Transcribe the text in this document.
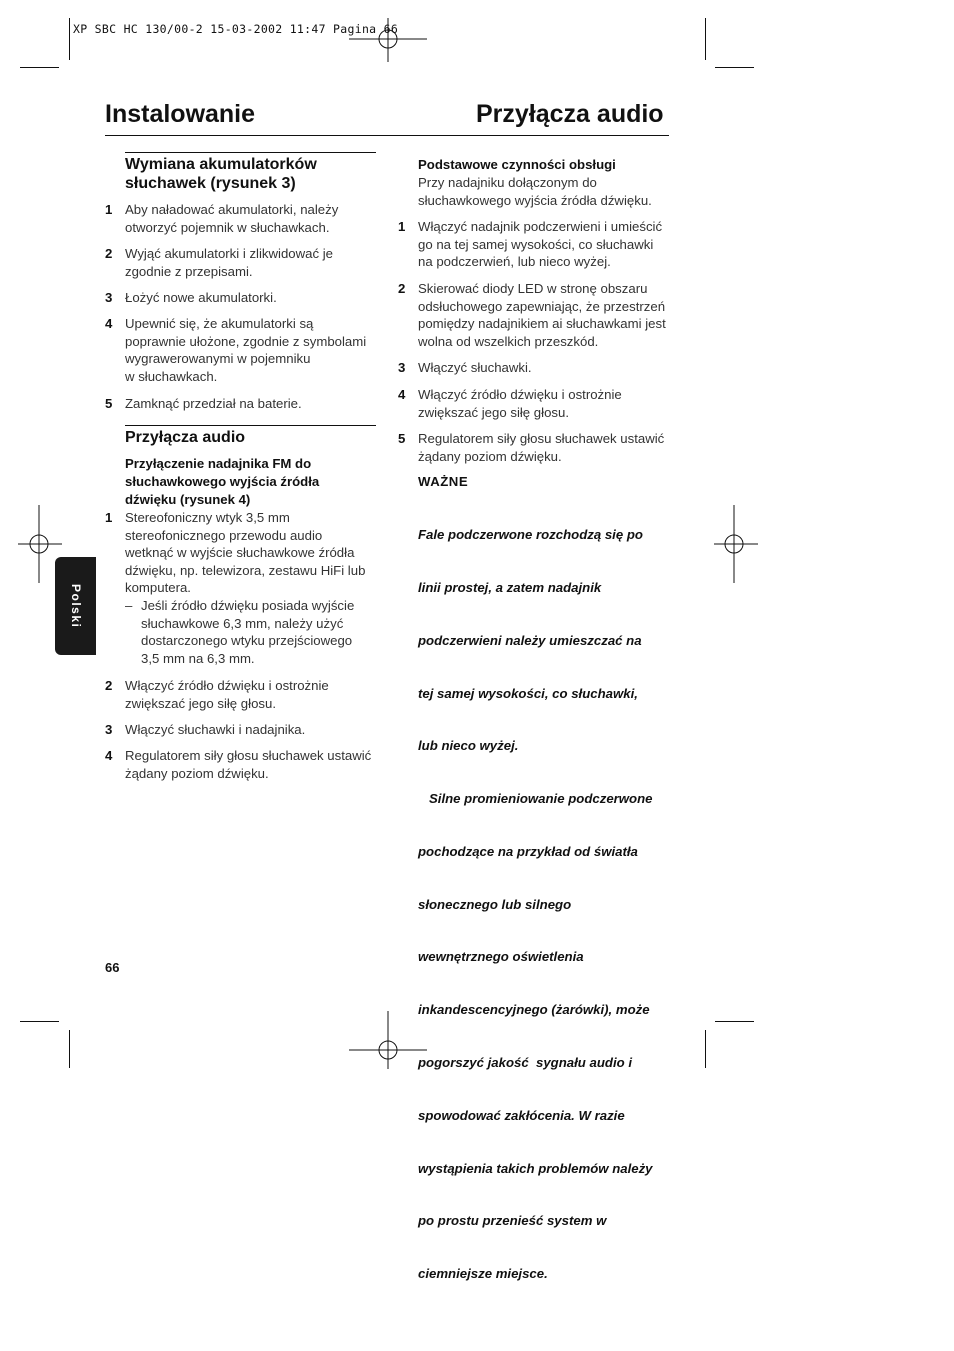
XP SBC HC 130/00-2 15-03-2002 11:47 Pagina 66
Instalowanie	Przyłącza audio
Polski
Wymiana akumulatorków
słuchawek (rysunek 3)
1 Aby naładować akumulatorki, należy
otworzyć pojemnik w słuchawkach.
2 Wyjąć akumulatorki i zlikwidować je
zgodnie z przepisami.
3 Łożyć nowe akumulatorki.
4 Upewnić się, że akumulatorki są
poprawnie ułożone, zgodnie z symbolami
wygrawerowanymi w pojemniku
w słuchawkach.
5 Zamknąć przedział na baterie.
Przyłącza audio
Przyłączenie nadajnika FM do
słuchawkowego wyjścia źródła
dźwięku (rysunek 4)
1 Stereofoniczny wtyk 3,5 mm
stereofonicznego przewodu audio
wetknąć w wyjście słuchawkowe źródła
dźwięku, np. telewizora, zestawu HiFi lub
komputera.
– Jeśli źródło dźwięku posiada wyjście
słuchawkowe 6,3 mm, należy użyć
dostarczonego wtyku przejściowego
3,5 mm na 6,3 mm.
2 Włączyć źródło dźwięku i ostrożnie
zwiększać jego siłę głosu.
3 Włączyć słuchawki i nadajnika.
4 Regulatorem siły głosu słuchawek ustawić
żądany poziom dźwięku.
Podstawowe czynności obsługi
Przy nadajniku dołączonym do
słuchawkowego wyjścia źródła dźwięku.
1 Włączyć nadajnik podczerwieni i umieścić
go na tej samej wysokości, co słuchawki
na podczerwień, lub nieco wyżej.
2 Skierować diody LED w stronę obszaru
odsłuchowego zapewniając, że przestrzeń
pomiędzy nadajnikiem ai słuchawkami jest
wolna od wszelkich przeszkód.
3 Włączyć słuchawki.
4 Włączyć źródło dźwięku i ostrożnie
zwiększać jego siłę głosu.
5 Regulatorem siły głosu słuchawek ustawić
żądany poziom dźwięku.
WAŻNE

Fale podczerwone rozchodzą się po

linii prostej, a zatem nadajnik

podczerwieni należy umieszczać na

tej samej wysokości, co słuchawki,

lub nieco wyżej.

Silne promieniowanie podczerwone

pochodzące na przykład od światła

słonecznego lub silnego

wewnętrznego oświetlenia

inkandescencyjnego (żarówki), może

pogorszyć jakość  sygnału audio i

spowodować zakłócenia. W razie

wystąpienia takich problemów należy

po prostu przenieść system w

ciemniejsze miejsce.

66
